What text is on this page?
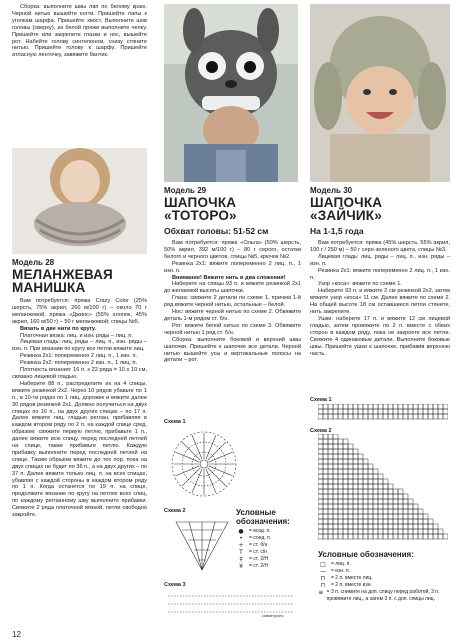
Сборка: выполните швы лап по белому краю. Черной нитью вышейте когти. Пришейте лапы к уголкам шарфа. Пришейте хвост. Выполните шов головы (сверху), из белой пряжи выполните челку. Пришейте или закрепите глазки и нос, вышейте рот. Набейте голову синтепоном, снизу стяните нитью. Пришейте голову к шарфу. Пришейте атласную ленточку, завяжите бантик.

Модель 28

МЕЛАНЖЕВАЯ МАНИШКА

Вам потребуется: пряжа Crazy Color (25% шерсть, 75% акрил, 260 м/100 г) – около 70 г меланжевой, пряжа «Джинс» (55% хлопок, 45% акрил, 160 м/50 г) – 50 г меланжевой; спицы №5.

Вязать в две нити по кругу.

Платочная вязка: лиц. и изн. ряды – лиц. п.

Лицевая гладь: лиц. ряды – лиц. п., изн. ряды – изн. п. При вязании по кругу все петли вяжите лиц.

Резинка 2x1: попеременно 2 лиц. п., 1 изн. п.

Резинка 2x2: попеременно 2 изн. п., 1 лиц. п.

Плотность вязания: 16 п. x 22 ряда = 10 x 10 см, связано лицевой гладью.

Наберите 88 п., распределите их на 4 спицы, вяжите резинкой 2x2. Через 10 рядов убавьте по 1 п., в 10-ти рядах по 1 лиц. дорожке и вяжите далее 30 рядов резинкой 2x1. Должно получиться на двух спицах по 16 п., на двух других спицах – по 17 п. Далее вяжите лиц. гладью реглан, прибавляя в каждом втором ряду по 2 п. на каждой спице сред. образом: свяжите первую петлю, прибавьте 1 п., далее вяжите всю спицу, перед последней петлей на спице, также прибавьте петлю. Каждую прибавку выполните перед последней петлей на спице. Таким образом вяжите до тех пор, пока на двух спицах не будет по 36 п., а на двух других – по 37 п. Далее вяжите только лиц. п. на всех спицах, убавляя с каждой стороны в каждом втором ряду по 1 п. Когда останется по 19 п. на спице, продолжите вязание по кругу на петлях всех спиц, по каждому регланному шву выполните прибавки. Свяжите 2 ряда платочной вязкой, петли свободно закройте.

Модель 29

ШАПОЧКА «ТОТОРО»

Обхват головы: 51-52 см

Вам потребуется: пряжа «Ольга» (50% шерсть, 50% акрил, 392 м/100 г) – 80 г серого, остатки белого и черного цветов, спицы №5, крючок №2.

Резинка 2x1: вяжите попеременно 2 лиц. п., 1 изн. п.

Внимание! Вяжите нить в два сложения!

Наберите на спицы 93 п. и вяжите резинкой 2x1 до желаемой высоты шапочки.

Глаза: свяжите 2 детали по схеме 1, причем 1-й ряд вяжите черной нитью, остальные – белой.

Нос: вяжите черной нитью по схеме 2. Обвяжите деталь 1-м рядом ст. б/н.

Рот: вяжите белой нитью по схеме 3. Обвяжите черной нитью 1 ряд ст. б/н.

Сборка: выполните боковой и верхний швы шапочки. Пришейте к шапочке все детали. Черной нитью вышейте усы и вертикальные полосы на детали – рот.

Модель 30

ШАПОЧКА «ЗАЙЧИК»

На 1-1,5 года

Вам потребуется: пряжа (45% шерсть, 55% акрил, 100 г / 250 м) – 50 г серо-зеленого цвета, спицы №3.

Лицевая гладь: лиц. ряды – лиц. п., изн. ряды – изн. п.

Резинка 2x1: вяжите попеременно 2 лиц. п., 1 изн. п.

Узор «коса»: вяжите по схеме 1.

Наберите 93 п. и вяжите 2 см резинкой 2x2, затем вяжите узор «коса» 11 см. Далее вяжите по схеме 2. На общей высоте 18 см оставшиеся петли стяните, нить закрепите.

Ушки: наберите 17 п. и вяжите 12 см лицевой гладью, затем провяжите по 2 п. вместе с обеих сторон в каждом ряду, пока не закроете все петли. Свяжите 4 одинаковые детали. Выполните боковые швы. Пришейте ушки к шапочке, прибавив верхнюю часть.

Схема 1
Схема 2
Схема 3
симметрично

Условные обозначения:

●	= возд. п.
•	= соед. п.
+	= ст. б/н
T	= ст. с/н
‡	= ст. 2/Н
¥	= ст. 2/Н
Схема 1
Схема 2

Условные обозначения:

□	= лиц. п.
—	= изн. п.
⊓	= 2 п. вместе лиц.
⊓	= 2 п. вместе изн.
≡ = 3 п. снимите на доп. спицу перед работой, 3 п. провяжите лиц., а затем 3 п. с доп. спицы лиц.
12
